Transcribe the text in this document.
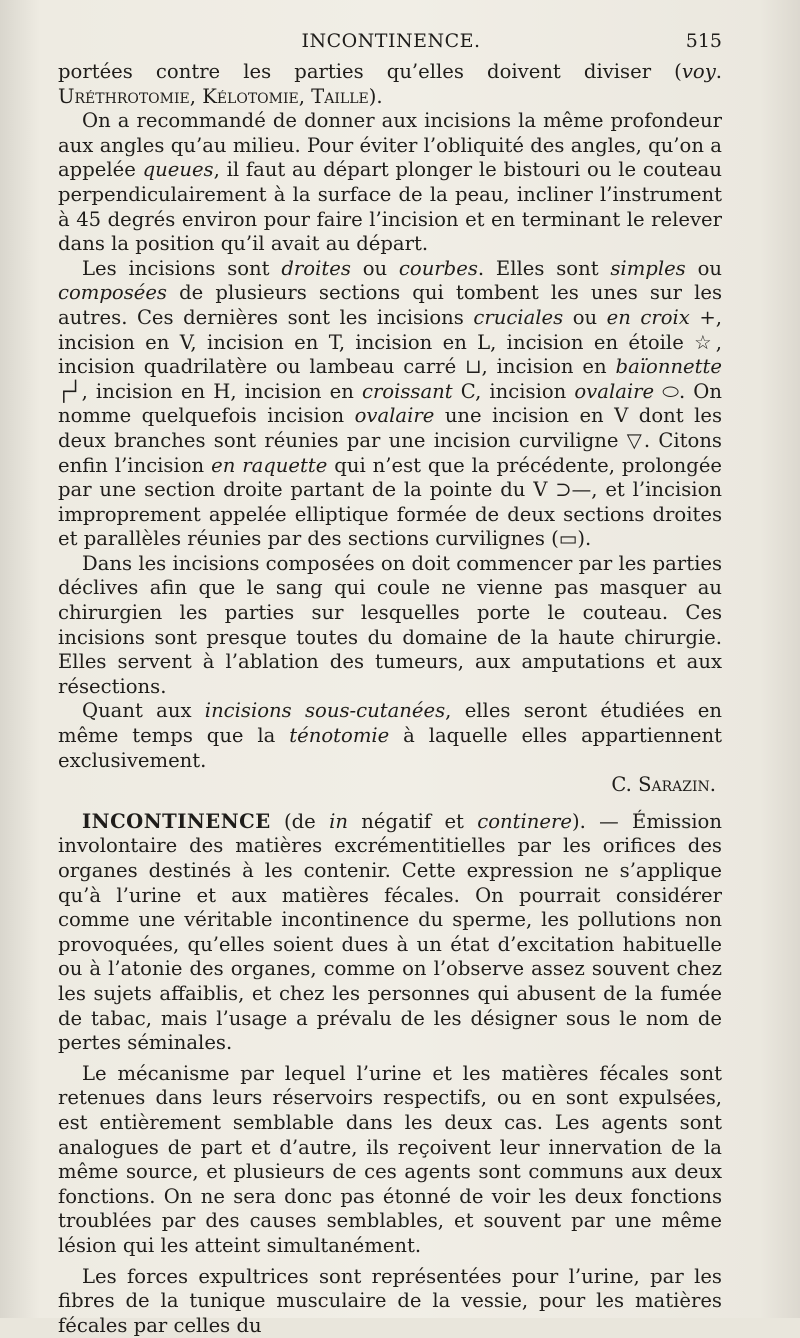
INCONTINENCE.	515

portées contre les parties qu’elles doivent diviser (voy. Uréthrotomie, Kélotomie, Taille).

On a recommandé de donner aux incisions la même profondeur aux angles qu’au milieu. Pour éviter l’obliquité des angles, qu’on a appelée queues, il faut au départ plonger le bistouri ou le couteau perpendiculairement à la surface de la peau, incliner l’instrument à 45 degrés environ pour faire l’incision et en terminant le relever dans la position qu’il avait au départ.

Les incisions sont droites ou courbes. Elles sont simples ou composées de plusieurs sections qui tombent les unes sur les autres. Ces dernières sont les incisions cruciales ou en croix +, incision en V, incision en T, incision en L, incision en étoile ☆, incision quadrilatère ou lambeau carré ⊔, incision en baïonnette ┌┘, incision en H, incision en croissant C, incision ovalaire ⬭. On nomme quelquefois incision ovalaire une incision en V dont les deux branches sont réunies par une incision curviligne ▽. Citons enfin l’incision en raquette qui n’est que la précédente, prolongée par une section droite partant de la pointe du V ⊃—, et l’incision improprement appelée elliptique formée de deux sections droites et parallèles réunies par des sections curvilignes (▭).

Dans les incisions composées on doit commencer par les parties déclives afin que le sang qui coule ne vienne pas masquer au chirurgien les parties sur lesquelles porte le couteau. Ces incisions sont presque toutes du domaine de la haute chirurgie. Elles servent à l’ablation des tumeurs, aux amputations et aux résections.

Quant aux incisions sous-cutanées, elles seront étudiées en même temps que la ténotomie à laquelle elles appartiennent exclusivement.

C. Sarazin.

INCONTINENCE (de in négatif et continere). — Émission involontaire des matières excrémentitielles par les orifices des organes destinés à les contenir. Cette expression ne s’applique qu’à l’urine et aux matières fécales. On pourrait considérer comme une véritable incontinence du sperme, les pollutions non provoquées, qu’elles soient dues à un état d’excitation habituelle ou à l’atonie des organes, comme on l’observe assez souvent chez les sujets affaiblis, et chez les personnes qui abusent de la fumée de tabac, mais l’usage a prévalu de les désigner sous le nom de pertes séminales.

Le mécanisme par lequel l’urine et les matières fécales sont retenues dans leurs réservoirs respectifs, ou en sont expulsées, est entièrement semblable dans les deux cas. Les agents sont analogues de part et d’autre, ils reçoivent leur innervation de la même source, et plusieurs de ces agents sont communs aux deux fonctions. On ne sera donc pas étonné de voir les deux fonctions troublées par des causes semblables, et souvent par une même lésion qui les atteint simultanément.

Les forces expultrices sont représentées pour l’urine, par les fibres de la tunique musculaire de la vessie, pour les matières fécales par celles du
